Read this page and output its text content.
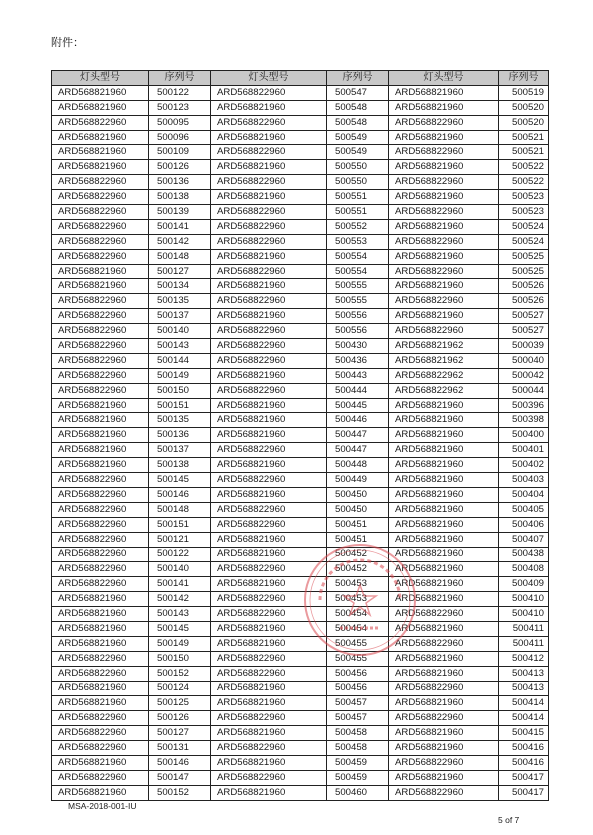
附件：
灯头型号	序列号	灯头型号	序列号	灯头型号	序列号
ARD568821960	500122	ARD568822960	500547	ARD568821960	500519
ARD568821960	500123	ARD568821960	500548	ARD568821960	500520
ARD568822960	500095	ARD568822960	500548	ARD568822960	500520
ARD568821960	500096	ARD568821960	500549	ARD568821960	500521
ARD568821960	500109	ARD568822960	500549	ARD568822960	500521
ARD568821960	500126	ARD568821960	500550	ARD568821960	500522
ARD568822960	500136	ARD568822960	500550	ARD568822960	500522
ARD568822960	500138	ARD568821960	500551	ARD568821960	500523
ARD568822960	500139	ARD568822960	500551	ARD568822960	500523
ARD568822960	500141	ARD568822960	500552	ARD568821960	500524
ARD568822960	500142	ARD568822960	500553	ARD568822960	500524
ARD568822960	500148	ARD568821960	500554	ARD568821960	500525
ARD568821960	500127	ARD568822960	500554	ARD568822960	500525
ARD568821960	500134	ARD568821960	500555	ARD568821960	500526
ARD568822960	500135	ARD568822960	500555	ARD568822960	500526
ARD568822960	500137	ARD568821960	500556	ARD568821960	500527
ARD568822960	500140	ARD568822960	500556	ARD568822960	500527
ARD568822960	500143	ARD568822960	500430	ARD568821962	500039
ARD568822960	500144	ARD568822960	500436	ARD568821962	500040
ARD568822960	500149	ARD568821960	500443	ARD568822962	500042
ARD568822960	500150	ARD568822960	500444	ARD568822962	500044
ARD568821960	500151	ARD568821960	500445	ARD568821960	500396
ARD568821960	500135	ARD568821960	500446	ARD568821960	500398
ARD568821960	500136	ARD568821960	500447	ARD568821960	500400
ARD568821960	500137	ARD568822960	500447	ARD568821960	500401
ARD568821960	500138	ARD568821960	500448	ARD568821960	500402
ARD568822960	500145	ARD568822960	500449	ARD568821960	500403
ARD568822960	500146	ARD568821960	500450	ARD568821960	500404
ARD568822960	500148	ARD568822960	500450	ARD568821960	500405
ARD568822960	500151	ARD568822960	500451	ARD568821960	500406
ARD568822960	500121	ARD568821960	500451	ARD568821960	500407
ARD568822960	500122	ARD568821960	500452	ARD568821960	500438
ARD568822960	500140	ARD568822960	500452	ARD568821960	500408
ARD568822960	500141	ARD568821960	500453	ARD568821960	500409
ARD568821960	500142	ARD568822960	500453	ARD568821960	500410
ARD568821960	500143	ARD568822960	500454	ARD568822960	500410
ARD568821960	500145	ARD568821960	500454	ARD568821960	500411
ARD568821960	500149	ARD568821960	500455	ARD568822960	500411
ARD568822960	500150	ARD568822960	500455	ARD568821960	500412
ARD568822960	500152	ARD568822960	500456	ARD568821960	500413
ARD568821960	500124	ARD568821960	500456	ARD568822960	500413
ARD568821960	500125	ARD568821960	500457	ARD568821960	500414
ARD568822960	500126	ARD568822960	500457	ARD568822960	500414
ARD568822960	500127	ARD568821960	500458	ARD568821960	500415
ARD568822960	500131	ARD568822960	500458	ARD568821960	500416
ARD568821960	500146	ARD568821960	500459	ARD568822960	500416
ARD568822960	500147	ARD568822960	500459	ARD568821960	500417
ARD568821960	500152	ARD568821960	500460	ARD568822960	500417
MSA-2018-001-IU
5 of 7
